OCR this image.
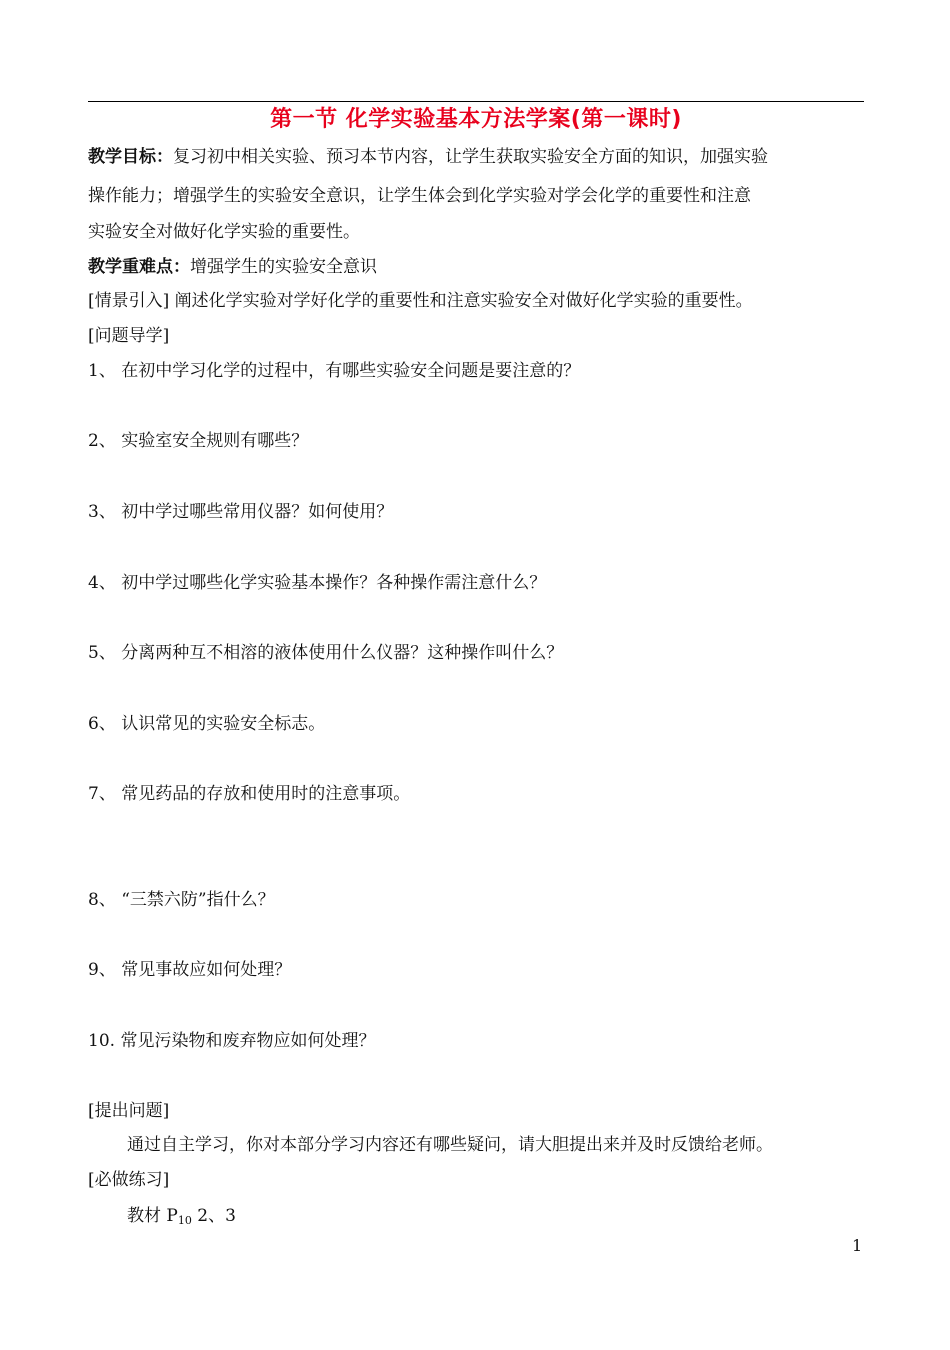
第一节 化学实验基本方法学案(第一课时)
教学目标：复习初中相关实验、预习本节内容，让学生获取实验安全方面的知识，加强实验
操作能力；增强学生的实验安全意识，让学生体会到化学实验对学会化学的重要性和注意
实验安全对做好化学实验的重要性。
教学重难点：增强学生的实验安全意识
[情景引入] 阐述化学实验对学好化学的重要性和注意实验安全对做好化学实验的重要性。
[问题导学]
1、 在初中学习化学的过程中，有哪些实验安全问题是要注意的？
2、 实验室安全规则有哪些？
3、 初中学过哪些常用仪器？如何使用？
4、 初中学过哪些化学实验基本操作？各种操作需注意什么？
5、 分离两种互不相溶的液体使用什么仪器？这种操作叫什么？
6、 认识常见的实验安全标志。
7、 常见药品的存放和使用时的注意事项。
8、 “三禁六防”指什么？
9、 常见事故应如何处理？
10. 常见污染物和废弃物应如何处理？
[提出问题]
通过自主学习，你对本部分学习内容还有哪些疑问，请大胆提出来并及时反馈给老师。
[必做练习]
教材 $P_{10}$ 2、3
1
